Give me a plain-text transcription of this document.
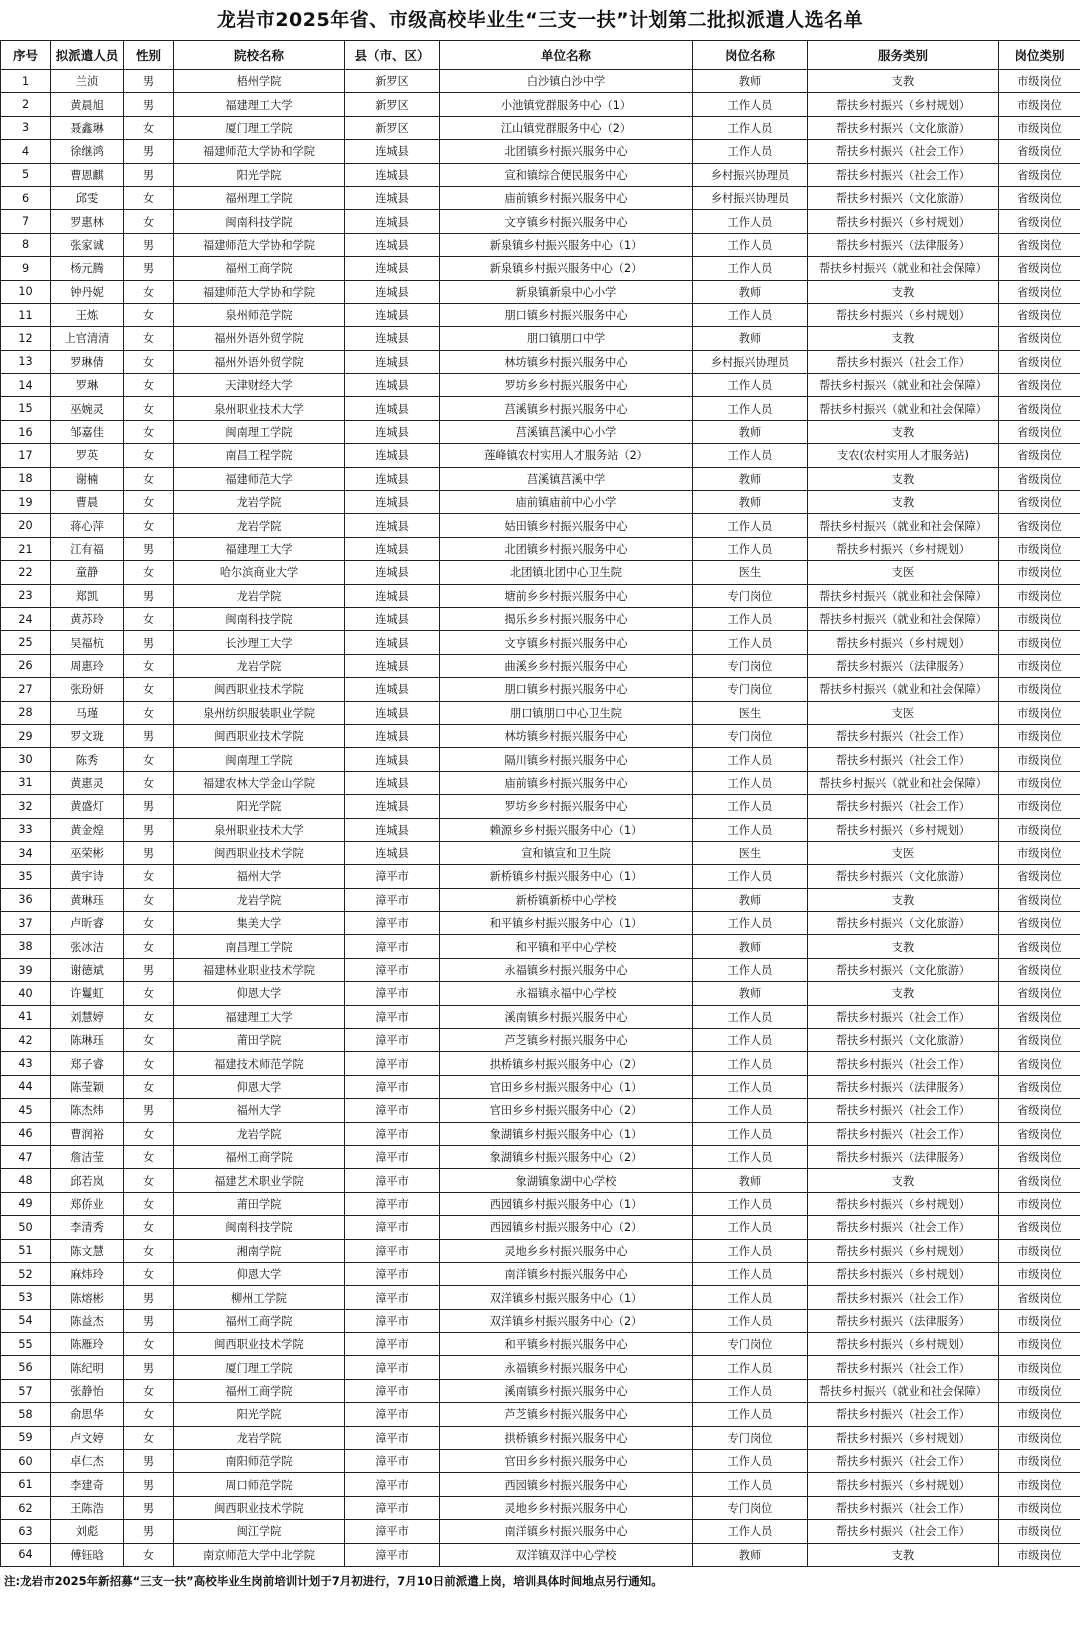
龙岩市2025年省、市级高校毕业生“三支一扶”计划第二批拟派遣人选名单
序号	拟派遣人员	性别	院校名称	县（市、区）	单位名称	岗位名称	服务类别	岗位类别
1	兰浈	男	梧州学院	新罗区	白沙镇白沙中学	教师	支教	市级岗位
2	黄晨旭	男	福建理工大学	新罗区	小池镇党群服务中心（1）	工作人员	帮扶乡村振兴（乡村规划）	市级岗位
3	聂鑫琳	女	厦门理工学院	新罗区	江山镇党群服务中心（2）	工作人员	帮扶乡村振兴（文化旅游）	市级岗位
4	徐继鸿	男	福建师范大学协和学院	连城县	北团镇乡村振兴服务中心	工作人员	帮扶乡村振兴（社会工作）	省级岗位
5	曹恩麒	男	阳光学院	连城县	宣和镇综合便民服务中心	乡村振兴协理员	帮扶乡村振兴（社会工作）	省级岗位
6	邱雯	女	福州理工学院	连城县	庙前镇乡村振兴服务中心	乡村振兴协理员	帮扶乡村振兴（文化旅游）	省级岗位
7	罗惠林	女	闽南科技学院	连城县	文亨镇乡村振兴服务中心	工作人员	帮扶乡村振兴（乡村规划）	省级岗位
8	张家诚	男	福建师范大学协和学院	连城县	新泉镇乡村振兴服务中心（1）	工作人员	帮扶乡村振兴（法律服务）	省级岗位
9	杨元腾	男	福州工商学院	连城县	新泉镇乡村振兴服务中心（2）	工作人员	帮扶乡村振兴（就业和社会保障）	省级岗位
10	钟丹妮	女	福建师范大学协和学院	连城县	新泉镇新泉中心小学	教师	支教	省级岗位
11	王炼	女	泉州师范学院	连城县	朋口镇乡村振兴服务中心	工作人员	帮扶乡村振兴（乡村规划）	省级岗位
12	上官清清	女	福州外语外贸学院	连城县	朋口镇朋口中学	教师	支教	省级岗位
13	罗琳倩	女	福州外语外贸学院	连城县	林坊镇乡村振兴服务中心	乡村振兴协理员	帮扶乡村振兴（社会工作）	省级岗位
14	罗琳	女	天津财经大学	连城县	罗坊乡乡村振兴服务中心	工作人员	帮扶乡村振兴（就业和社会保障）	省级岗位
15	巫婉灵	女	泉州职业技术大学	连城县	莒溪镇乡村振兴服务中心	工作人员	帮扶乡村振兴（就业和社会保障）	省级岗位
16	邹嘉佳	女	闽南理工学院	连城县	莒溪镇莒溪中心小学	教师	支教	省级岗位
17	罗英	女	南昌工程学院	连城县	莲峰镇农村实用人才服务站（2）	工作人员	支农(农村实用人才服务站)	省级岗位
18	谢楠	女	福建师范大学	连城县	莒溪镇莒溪中学	教师	支教	省级岗位
19	曹晨	女	龙岩学院	连城县	庙前镇庙前中心小学	教师	支教	省级岗位
20	蒋心萍	女	龙岩学院	连城县	姑田镇乡村振兴服务中心	工作人员	帮扶乡村振兴（就业和社会保障）	省级岗位
21	江有福	男	福建理工大学	连城县	北团镇乡村振兴服务中心	工作人员	帮扶乡村振兴（乡村规划）	市级岗位
22	童静	女	哈尔滨商业大学	连城县	北团镇北团中心卫生院	医生	支医	市级岗位
23	郑凯	男	龙岩学院	连城县	塘前乡乡村振兴服务中心	专门岗位	帮扶乡村振兴（就业和社会保障）	市级岗位
24	黄苏玲	女	闽南科技学院	连城县	揭乐乡乡村振兴服务中心	工作人员	帮扶乡村振兴（就业和社会保障）	市级岗位
25	吴福杭	男	长沙理工大学	连城县	文亨镇乡村振兴服务中心	工作人员	帮扶乡村振兴（乡村规划）	市级岗位
26	周惠玲	女	龙岩学院	连城县	曲溪乡乡村振兴服务中心	专门岗位	帮扶乡村振兴（法律服务）	市级岗位
27	张玢妍	女	闽西职业技术学院	连城县	朋口镇乡村振兴服务中心	专门岗位	帮扶乡村振兴（就业和社会保障）	市级岗位
28	马瑾	女	泉州纺织服装职业学院	连城县	朋口镇朋口中心卫生院	医生	支医	市级岗位
29	罗文珑	男	闽西职业技术学院	连城县	林坊镇乡村振兴服务中心	专门岗位	帮扶乡村振兴（社会工作）	市级岗位
30	陈秀	女	闽南理工学院	连城县	隔川镇乡村振兴服务中心	工作人员	帮扶乡村振兴（社会工作）	市级岗位
31	黄惠灵	女	福建农林大学金山学院	连城县	庙前镇乡村振兴服务中心	工作人员	帮扶乡村振兴（就业和社会保障）	市级岗位
32	黄盛灯	男	阳光学院	连城县	罗坊乡乡村振兴服务中心	工作人员	帮扶乡村振兴（社会工作）	市级岗位
33	黄金煌	男	泉州职业技术大学	连城县	赖源乡乡村振兴服务中心（1）	工作人员	帮扶乡村振兴（乡村规划）	市级岗位
34	巫荣彬	男	闽西职业技术学院	连城县	宣和镇宣和卫生院	医生	支医	市级岗位
35	黄宇诗	女	福州大学	漳平市	新桥镇乡村振兴服务中心（1）	工作人员	帮扶乡村振兴（文化旅游）	省级岗位
36	黄琳珏	女	龙岩学院	漳平市	新桥镇新桥中心学校	教师	支教	省级岗位
37	卢昕睿	女	集美大学	漳平市	和平镇乡村振兴服务中心（1）	工作人员	帮扶乡村振兴（文化旅游）	省级岗位
38	张冰洁	女	南昌理工学院	漳平市	和平镇和平中心学校	教师	支教	省级岗位
39	谢德斌	男	福建林业职业技术学院	漳平市	永福镇乡村振兴服务中心	工作人员	帮扶乡村振兴（文化旅游）	省级岗位
40	许鬘虹	女	仰恩大学	漳平市	永福镇永福中心学校	教师	支教	省级岗位
41	刘慧婷	女	福建理工大学	漳平市	溪南镇乡村振兴服务中心	工作人员	帮扶乡村振兴（社会工作）	省级岗位
42	陈琳珏	女	莆田学院	漳平市	芦芝镇乡村振兴服务中心	工作人员	帮扶乡村振兴（文化旅游）	省级岗位
43	郑子睿	女	福建技术师范学院	漳平市	拱桥镇乡村振兴服务中心（2）	工作人员	帮扶乡村振兴（社会工作）	省级岗位
44	陈莹颖	女	仰恩大学	漳平市	官田乡乡村振兴服务中心（1）	工作人员	帮扶乡村振兴（法律服务）	省级岗位
45	陈杰炜	男	福州大学	漳平市	官田乡乡村振兴服务中心（2）	工作人员	帮扶乡村振兴（社会工作）	省级岗位
46	曹润裕	女	龙岩学院	漳平市	象湖镇乡村振兴服务中心（1）	工作人员	帮扶乡村振兴（社会工作）	省级岗位
47	詹洁莹	女	福州工商学院	漳平市	象湖镇乡村振兴服务中心（2）	工作人员	帮扶乡村振兴（法律服务）	省级岗位
48	邱若岚	女	福建艺术职业学院	漳平市	象湖镇象湖中心学校	教师	支教	省级岗位
49	郑侨业	女	莆田学院	漳平市	西园镇乡村振兴服务中心（1）	工作人员	帮扶乡村振兴（乡村规划）	市级岗位
50	李清秀	女	闽南科技学院	漳平市	西园镇乡村振兴服务中心（2）	工作人员	帮扶乡村振兴（社会工作）	省级岗位
51	陈文慧	女	湘南学院	漳平市	灵地乡乡村振兴服务中心	工作人员	帮扶乡村振兴（乡村规划）	市级岗位
52	麻炜玲	女	仰恩大学	漳平市	南洋镇乡村振兴服务中心	工作人员	帮扶乡村振兴（乡村规划）	市级岗位
53	陈熔彬	男	柳州工学院	漳平市	双洋镇乡村振兴服务中心（1）	工作人员	帮扶乡村振兴（社会工作）	省级岗位
54	陈益杰	男	福州工商学院	漳平市	双洋镇乡村振兴服务中心（2）	工作人员	帮扶乡村振兴（法律服务）	市级岗位
55	陈雁玲	女	闽西职业技术学院	漳平市	和平镇乡村振兴服务中心	专门岗位	帮扶乡村振兴（乡村规划）	市级岗位
56	陈纪明	男	厦门理工学院	漳平市	永福镇乡村振兴服务中心	工作人员	帮扶乡村振兴（社会工作）	市级岗位
57	张静怡	女	福州工商学院	漳平市	溪南镇乡村振兴服务中心	工作人员	帮扶乡村振兴（就业和社会保障）	市级岗位
58	俞思华	女	阳光学院	漳平市	芦芝镇乡村振兴服务中心	工作人员	帮扶乡村振兴（社会工作）	市级岗位
59	卢文婷	女	龙岩学院	漳平市	拱桥镇乡村振兴服务中心	专门岗位	帮扶乡村振兴（乡村规划）	市级岗位
60	卓仁杰	男	南阳师范学院	漳平市	官田乡乡村振兴服务中心	工作人员	帮扶乡村振兴（社会工作）	市级岗位
61	李建奇	男	周口师范学院	漳平市	西园镇乡村振兴服务中心	工作人员	帮扶乡村振兴（乡村规划）	市级岗位
62	王陈浩	男	闽西职业技术学院	漳平市	灵地乡乡村振兴服务中心	专门岗位	帮扶乡村振兴（社会工作）	市级岗位
63	刘彪	男	闽江学院	漳平市	南洋镇乡村振兴服务中心	工作人员	帮扶乡村振兴（社会工作）	市级岗位
64	傅钰晗	女	南京师范大学中北学院	漳平市	双洋镇双洋中心学校	教师	支教	市级岗位
注:龙岩市2025年新招募“三支一扶”高校毕业生岗前培训计划于7月初进行，7月10日前派遣上岗，培训具体时间地点另行通知。
